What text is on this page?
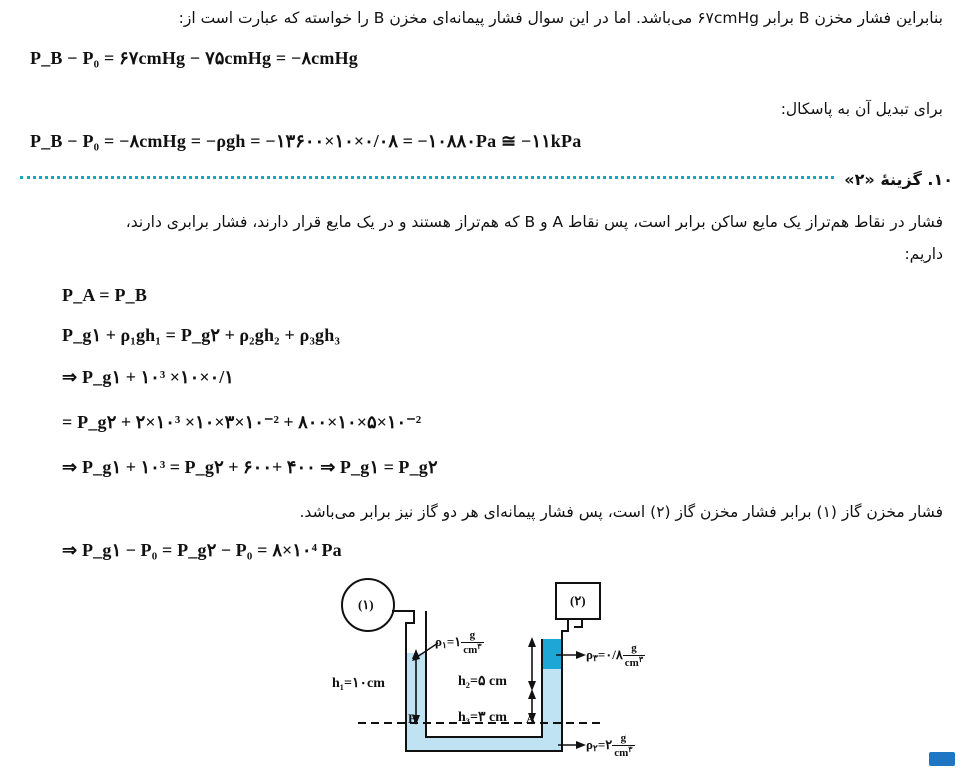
بنابراین فشار مخزن B برابر ۶۷cmHg می‌باشد. اما در این سوال فشار پیمانه‌ای مخزن B را خواسته که عبارت است از:
P_B − P₀ = ۶۷cmHg − ۷۵cmHg = −۸cmHg
برای تبدیل آن به پاسکال:
P_B − P₀ = −۸cmHg = −ρgh = −۱۳۶۰۰×۱۰×۰/۰۸ = −۱۰۸۸۰Pa ≅ −۱۱kPa
۱۰. گزینهٔ «۲»
فشار در نقاط هم‌تراز یک مایع ساکن برابر است، پس نقاط A و B که هم‌تراز هستند و در یک مایع قرار دارند، فشار برابری دارند،
داریم:
P_A = P_B
P_g۱ + ρ₁gh₁ = P_g۲ + ρ₂gh₂ + ρ₃gh₃
⇒ P_g۱ + ۱۰³ ×۱۰×۰/۱
= P_g۲ + ۲×۱۰³ ×۱۰×۳×۱۰⁻² + ۸۰۰×۱۰×۵×۱۰⁻²
⇒ P_g۱ + ۱۰³ = P_g۲ + ۶۰۰+ ۴۰۰ ⇒ P_g۱ = P_g۲
فشار مخزن گاز (۱) برابر فشار مخزن گاز (۲) است، پس فشار پیمانه‌ای هر دو گاز نیز برابر می‌باشد.
⇒ P_g۱ − P₀ = P_g۲ − P₀ = ۸×۱۰⁴ Pa
(۱)	(۲)
$\rho_۱=۱ \frac{g}{cm^۳}$	$\rho_۳=۰/۸ \frac{g}{cm^۳}$
$\rho_۲=۲ \frac{g}{cm^۳}$
h₁=۱۰cm	h₂=۵ cm
h₃=۳ cm
B	A
